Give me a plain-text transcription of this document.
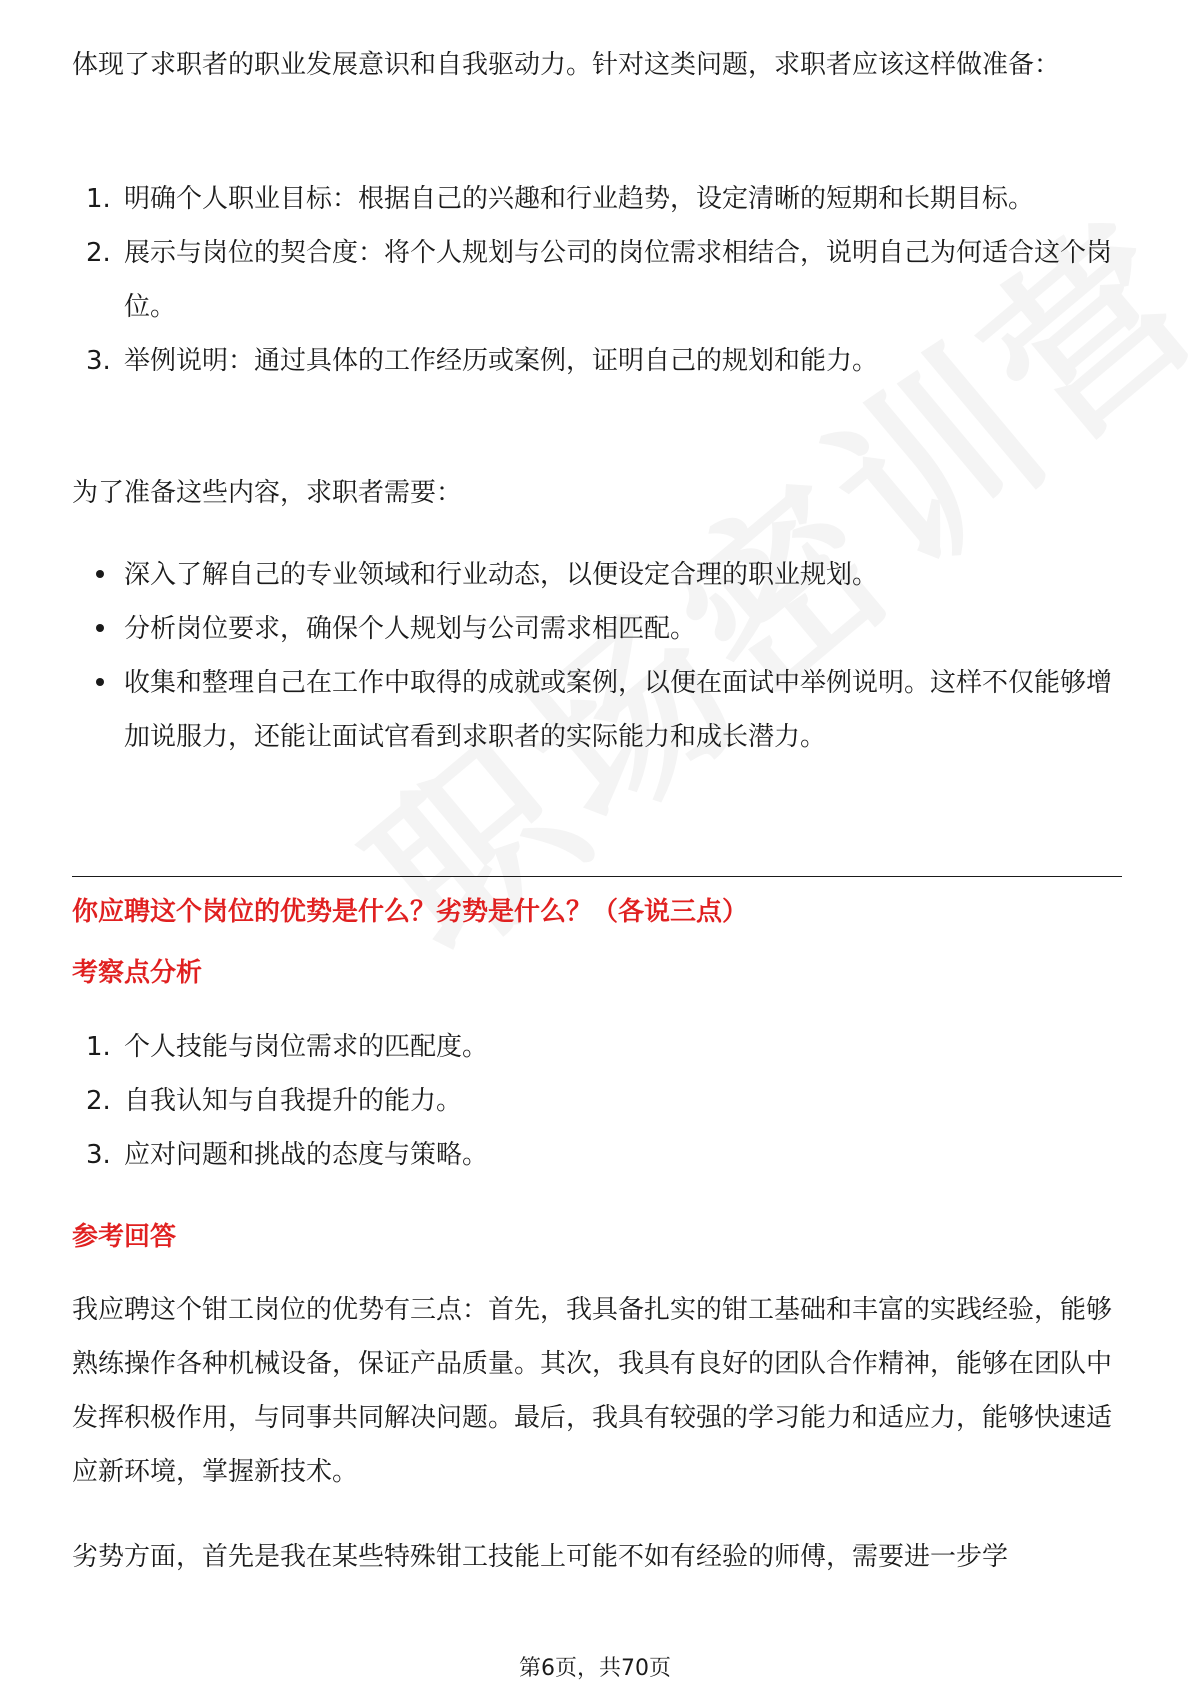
体现了求职者的职业发展意识和自我驱动力。针对这类问题，求职者应该这样做准备：

1. 明确个人职业目标：根据自己的兴趣和行业趋势，设定清晰的短期和长期目标。
2. 展示与岗位的契合度：将个人规划与公司的岗位需求相结合，说明自己为何适合这个岗位。
3. 举例说明：通过具体的工作经历或案例，证明自己的规划和能力。

为了准备这些内容，求职者需要：

深入了解自己的专业领域和行业动态，以便设定合理的职业规划。
分析岗位要求，确保个人规划与公司需求相匹配。
收集和整理自己在工作中取得的成就或案例，以便在面试中举例说明。这样不仅能够增加说服力，还能让面试官看到求职者的实际能力和成长潜力。
你应聘这个岗位的优势是什么？劣势是什么？（各说三点）
考察点分析
1. 个人技能与岗位需求的匹配度。
2. 自我认知与自我提升的能力。
3. 应对问题和挑战的态度与策略。
参考回答

我应聘这个钳工岗位的优势有三点：首先，我具备扎实的钳工基础和丰富的实践经验，能够熟练操作各种机械设备，保证产品质量。其次，我具有良好的团队合作精神，能够在团队中发挥积极作用，与同事共同解决问题。最后，我具有较强的学习能力和适应力，能够快速适应新环境，掌握新技术。

劣势方面，首先是我在某些特殊钳工技能上可能不如有经验的师傅，需要进一步学

第6页，共70页
